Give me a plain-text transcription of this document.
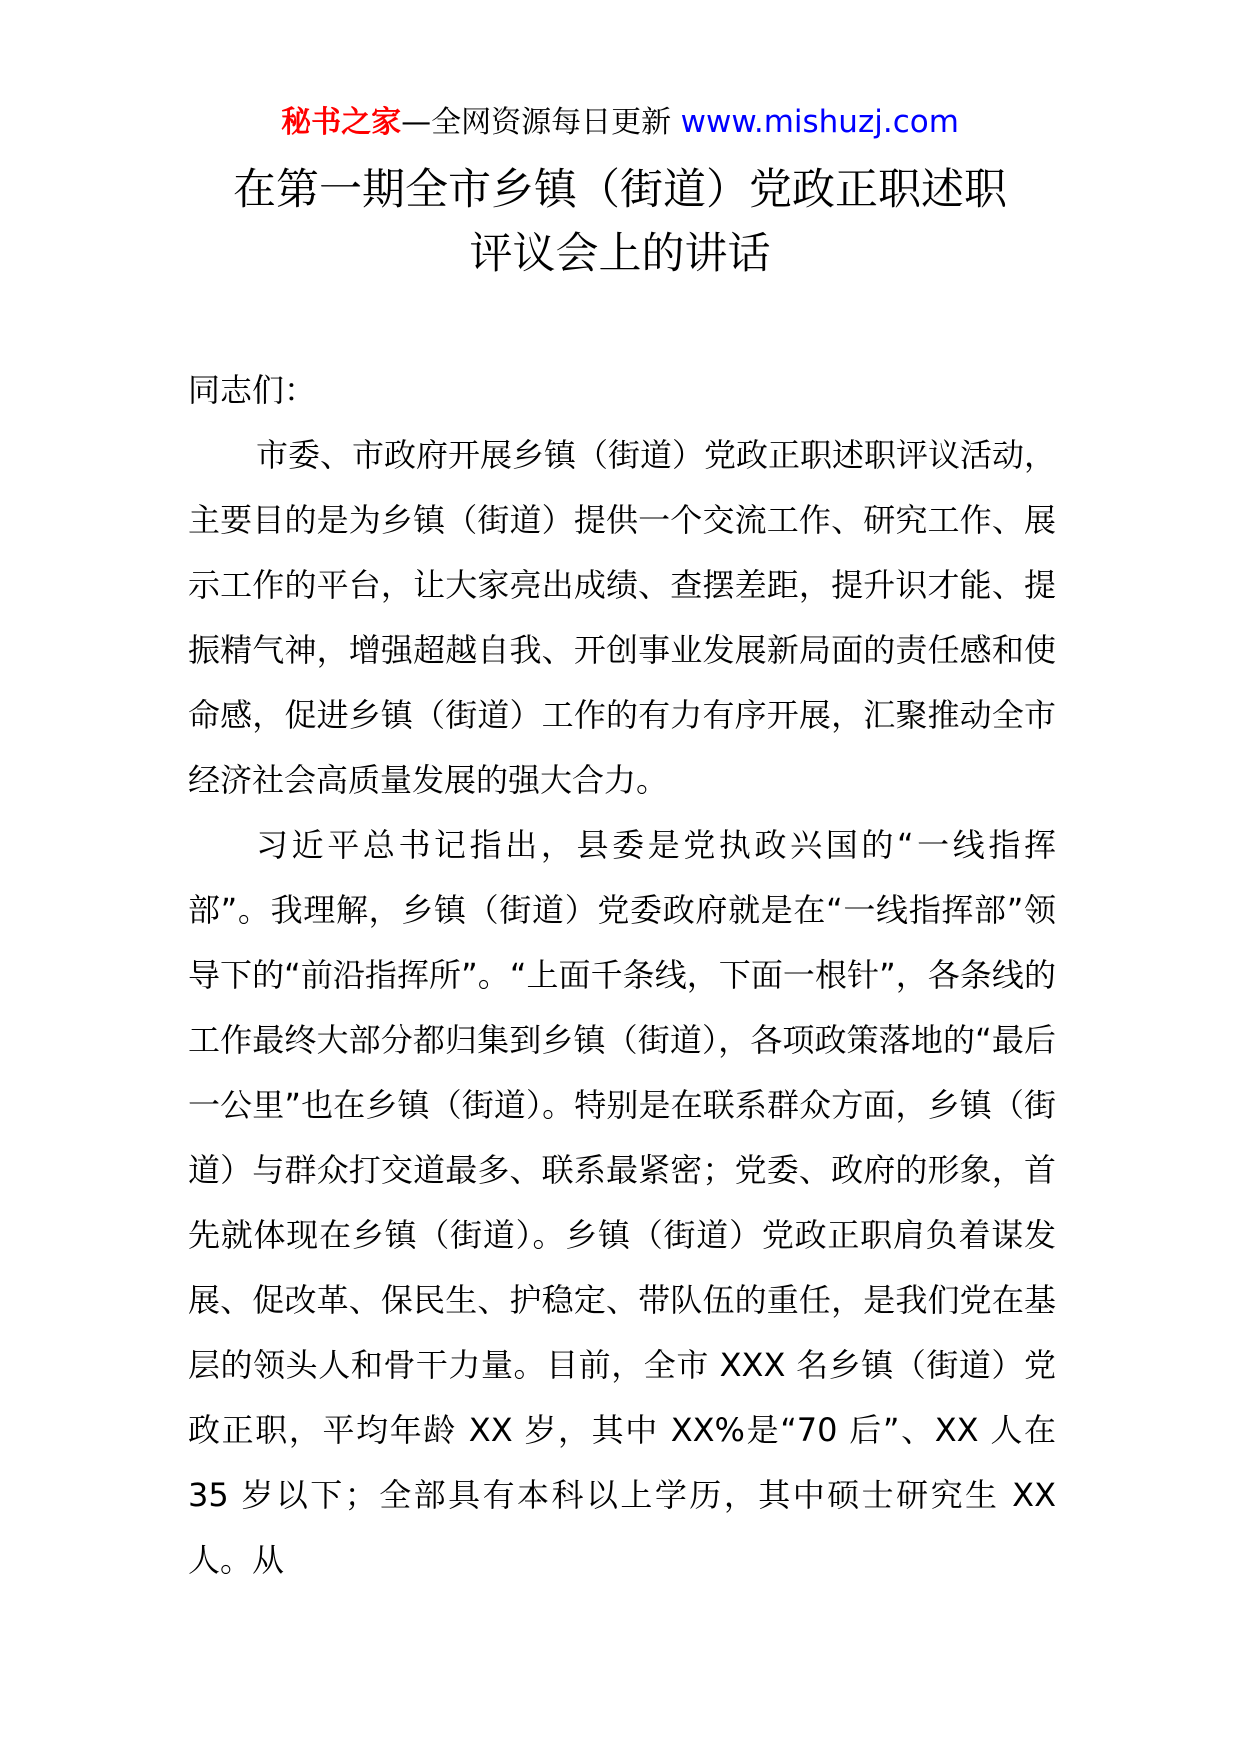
秘书之家—全网资源每日更新 www.mishuzj.com
在第一期全市乡镇（街道）党政正职述职
评议会上的讲话

同志们：

市委、市政府开展乡镇（街道）党政正职述职评议活动，主要目的是为乡镇（街道）提供一个交流工作、研究工作、展示工作的平台，让大家亮出成绩、查摆差距，提升识才能、提振精气神，增强超越自我、开创事业发展新局面的责任感和使命感，促进乡镇（街道）工作的有力有序开展，汇聚推动全市经济社会高质量发展的强大合力。

习近平总书记指出，县委是党执政兴国的“一线指挥部”。我理解，乡镇（街道）党委政府就是在“一线指挥部”领导下的“前沿指挥所”。“上面千条线，下面一根针”，各条线的工作最终大部分都归集到乡镇（街道），各项政策落地的“最后一公里”也在乡镇（街道）。特别是在联系群众方面，乡镇（街道）与群众打交道最多、联系最紧密；党委、政府的形象，首先就体现在乡镇（街道）。乡镇（街道）党政正职肩负着谋发展、促改革、保民生、护稳定、带队伍的重任，是我们党在基层的领头人和骨干力量。目前，全市 XXX 名乡镇（街道）党政正职，平均年龄 XX 岁，其中 XX%是“70 后”、XX 人在 35 岁以下；全部具有本科以上学历，其中硕士研究生 XX 人。从
